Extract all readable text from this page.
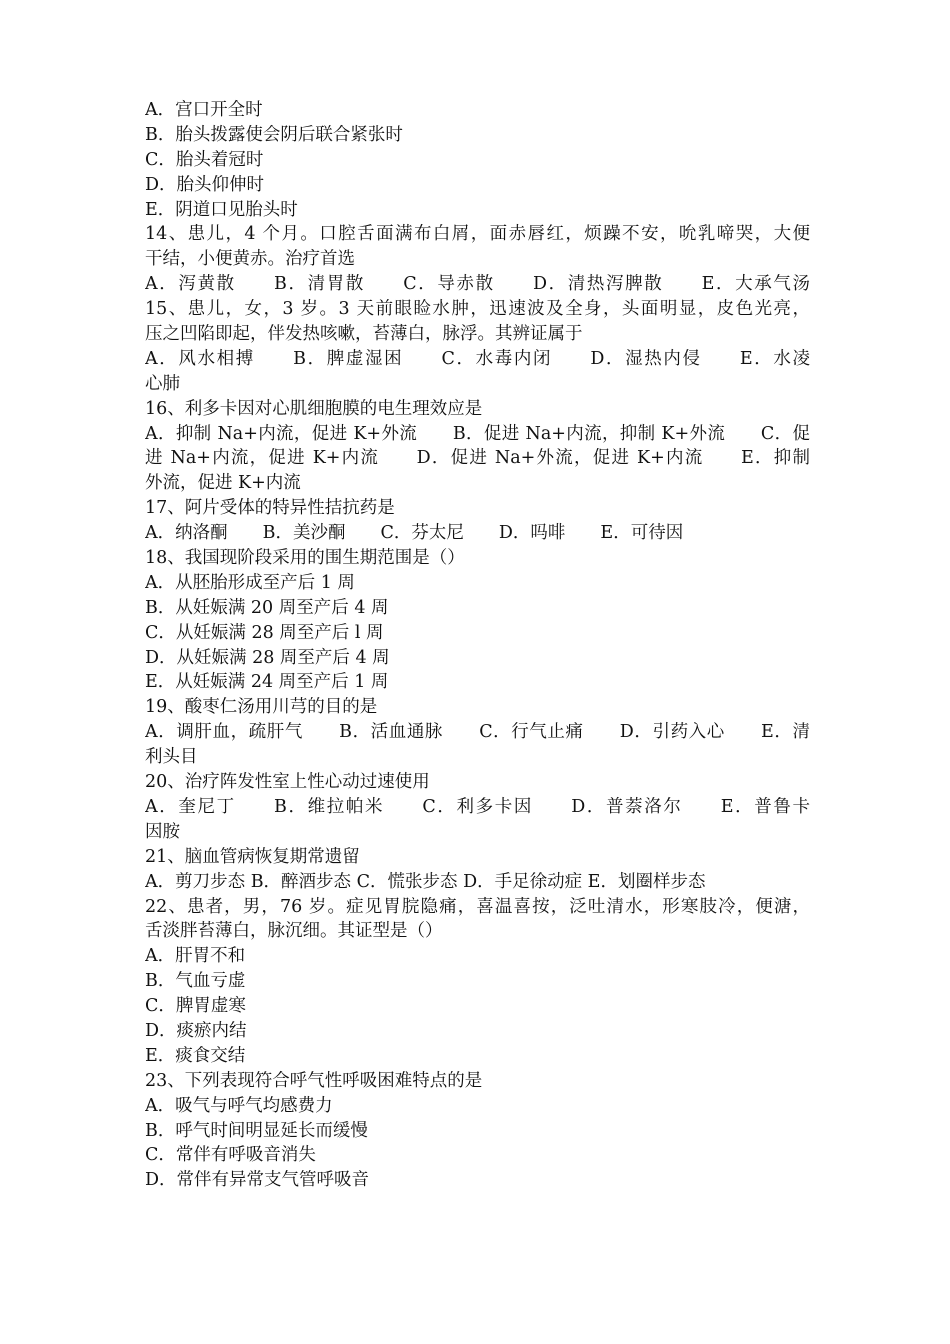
A．宫口开全时
B．胎头拨露使会阴后联合紧张时
C．胎头着冠时
D．胎头仰伸时
E．阴道口见胎头时
14、患儿，4 个月。口腔舌面满布白屑，面赤唇红，烦躁不安，吮乳啼哭，大便
干结，小便黄赤。治疗首选
A．泻黄散　　B．清胃散　　C．导赤散　　D．清热泻脾散　　E．大承气汤
15、患儿，女，3 岁。3 天前眼睑水肿，迅速波及全身，头面明显，皮色光亮，
压之凹陷即起，伴发热咳嗽，苔薄白，脉浮。其辨证属于
A．风水相搏　　B．脾虚湿困　　C．水毒内闭　　D．湿热内侵　　E．水凌
心肺
16、利多卡因对心肌细胞膜的电生理效应是
A．抑制 Na+内流，促进 K+外流　　B．促进 Na+内流，抑制 K+外流　　C．促
进 Na+内流，促进 K+内流　　D．促进 Na+外流，促进 K+内流　　E．抑制
外流，促进 K+内流
17、阿片受体的特异性拮抗药是
A．纳洛酮　　B．美沙酮　　C．芬太尼　　D．吗啡　　E．可待因
18、我国现阶段采用的围生期范围是（）
A．从胚胎形成至产后 1 周
B．从妊娠满 20 周至产后 4 周
C．从妊娠满 28 周至产后 l 周
D．从妊娠满 28 周至产后 4 周
E．从妊娠满 24 周至产后 1 周
19、酸枣仁汤用川芎的目的是
A．调肝血，疏肝气　　B．活血通脉　　C．行气止痛　　D．引药入心　　E．清
利头目
20、治疗阵发性室上性心动过速使用
A．奎尼丁　　B．维拉帕米　　C．利多卡因　　D．普萘洛尔　　E．普鲁卡
因胺
21、脑血管病恢复期常遗留
A．剪刀步态 B．醉酒步态 C．慌张步态 D．手足徐动症 E．划圈样步态
22、患者，男，76 岁。症见胃脘隐痛，喜温喜按，泛吐清水，形寒肢冷，便溏，
舌淡胖苔薄白，脉沉细。其证型是（）
A．肝胃不和
B．气血亏虚
C．脾胃虚寒
D．痰瘀内结
E．痰食交结
23、下列表现符合呼气性呼吸困难特点的是
A．吸气与呼气均感费力
B．呼气时间明显延长而缓慢
C．常伴有呼吸音消失
D．常伴有异常支气管呼吸音
